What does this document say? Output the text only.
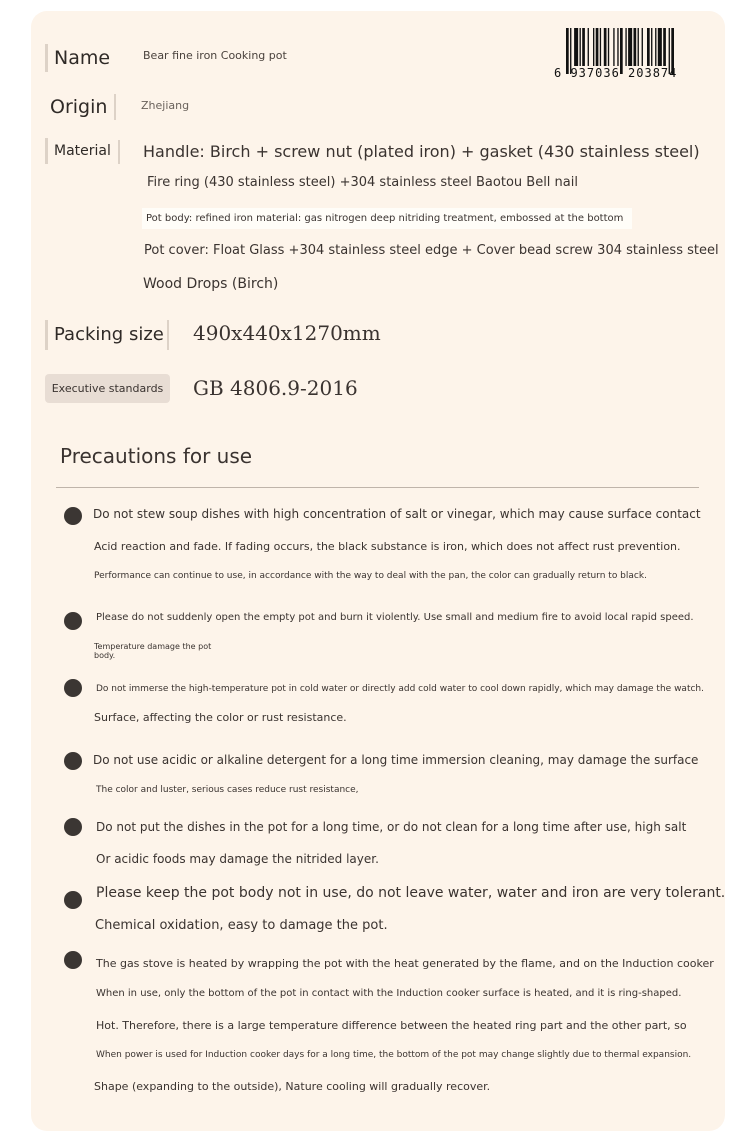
Name	Bear fine iron Cooking pot
Origin	Zhejiang
Material Handle: Birch + screw nut (plated iron) + gasket (430 stainless steel)
Fire ring (430 stainless steel) +304 stainless steel Baotou Bell nail
Pot body: refined iron material: gas nitrogen deep nitriding treatment, embossed at the bottom
Pot cover: Float Glass +304 stainless steel edge + Cover bead screw 304 stainless steel
Wood Drops (Birch)
Packing size 490x440x1270mm
Executive standards	GB 4806.9-2016
6 937036 203874
Precautions for use
Do not stew soup dishes with high concentration of salt or vinegar, which may cause surface contact
Acid reaction and fade. If fading occurs, the black substance is iron, which does not affect rust prevention.
Performance can continue to use, in accordance with the way to deal with the pan, the color can gradually return to black.
Please do not suddenly open the empty pot and burn it violently. Use small and medium fire to avoid local rapid speed.
Temperature damage the pot body.
Do not immerse the high-temperature pot in cold water or directly add cold water to cool down rapidly, which may damage the watch.
Surface, affecting the color or rust resistance.
Do not use acidic or alkaline detergent for a long time immersion cleaning, may damage the surface
The color and luster, serious cases reduce rust resistance,
Do not put the dishes in the pot for a long time, or do not clean for a long time after use, high salt
Or acidic foods may damage the nitrided layer.
Please keep the pot body not in use, do not leave water, water and iron are very tolerant.
Chemical oxidation, easy to damage the pot.
The gas stove is heated by wrapping the pot with the heat generated by the flame, and on the Induction cooker
When in use, only the bottom of the pot in contact with the Induction cooker surface is heated, and it is ring-shaped.
Hot. Therefore, there is a large temperature difference between the heated ring part and the other part, so
When power is used for Induction cooker days for a long time, the bottom of the pot may change slightly due to thermal expansion.
Shape (expanding to the outside), Nature cooling will gradually recover.
